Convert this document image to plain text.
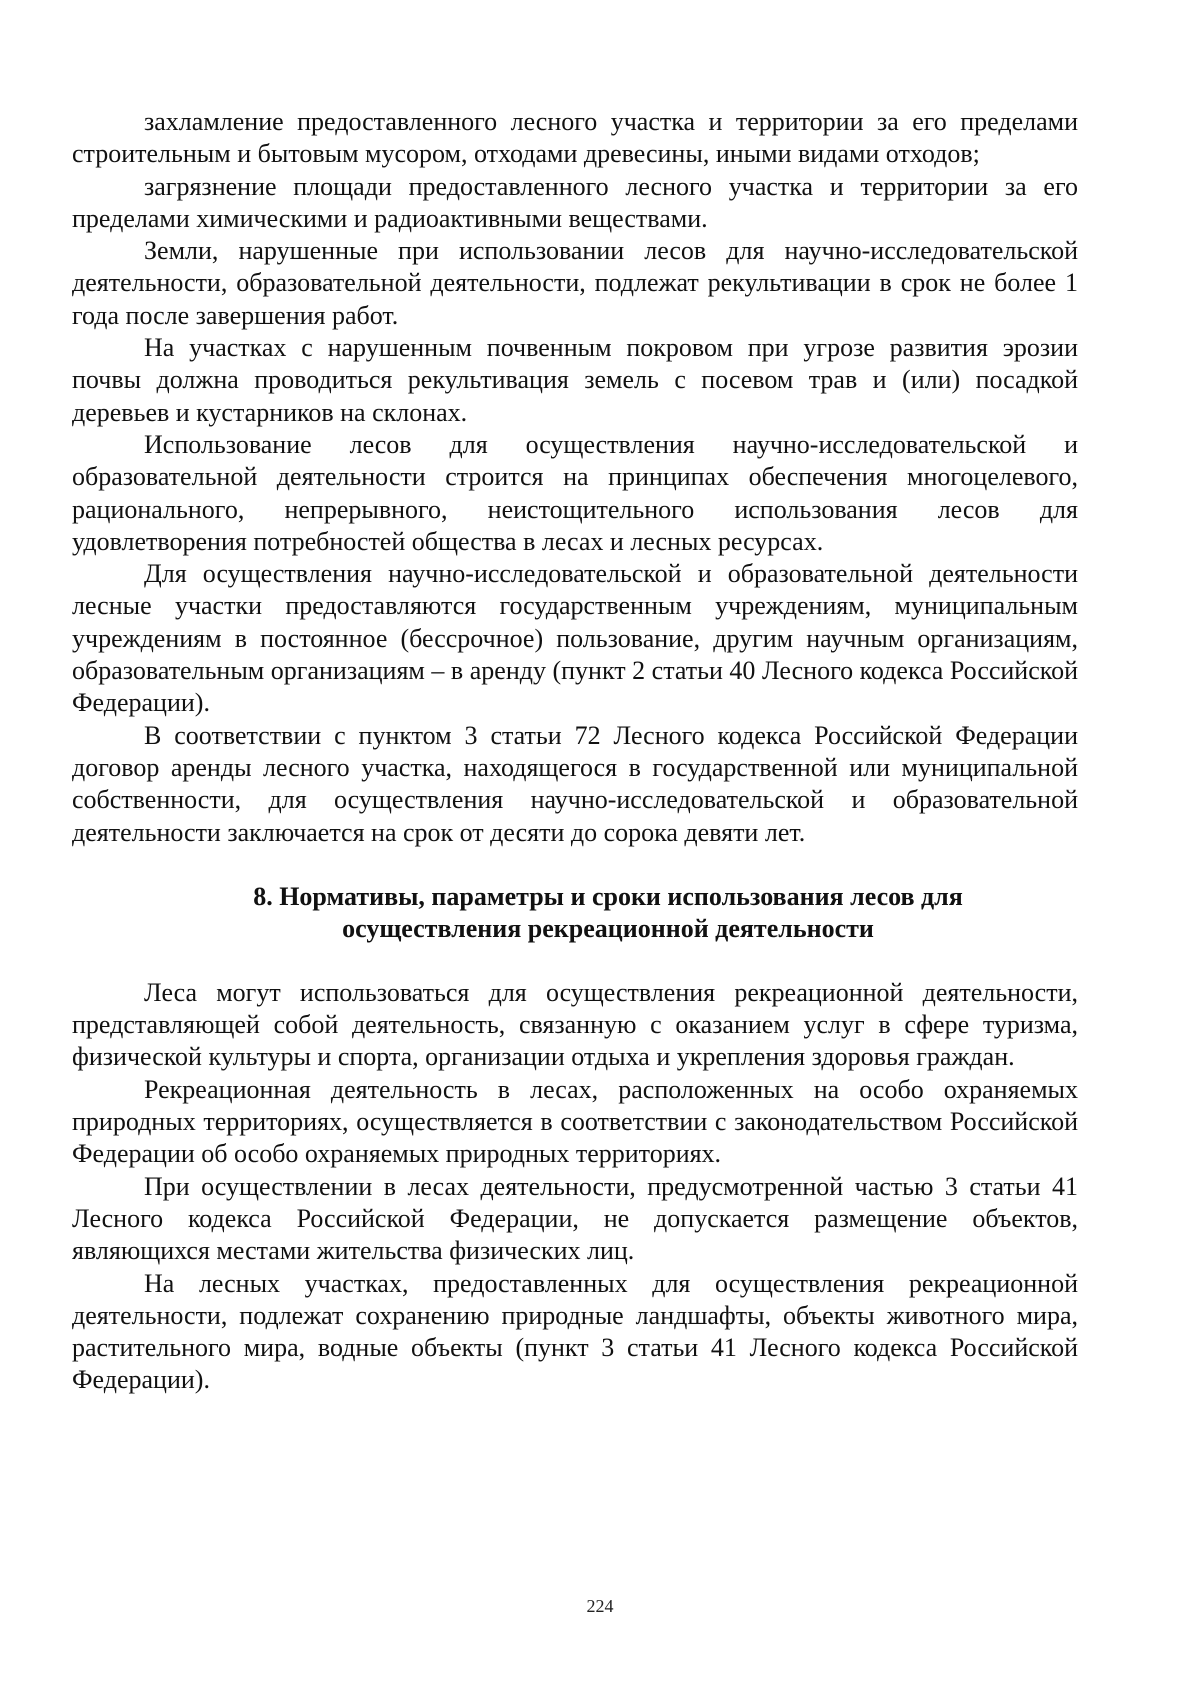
захламление предоставленного лесного участка и территории за его пределами строительным и бытовым мусором, отходами древесины, иными видами отходов;

загрязнение площади предоставленного лесного участка и территории за его пределами химическими и радиоактивными веществами.

Земли, нарушенные при использовании лесов для научно-исследовательской деятельности, образовательной деятельности, подлежат рекультивации в срок не более 1 года после завершения работ.

На участках с нарушенным почвенным покровом при угрозе развития эрозии почвы должна проводиться рекультивация земель с посевом трав и (или) посадкой деревьев и кустарников на склонах.

Использование лесов для осуществления научно-исследовательской и образовательной деятельности строится на принципах обеспечения многоцелевого, рационального, непрерывного, неистощительного использования лесов для удовлетворения потребностей общества в лесах и лесных ресурсах.

Для осуществления научно-исследовательской и образовательной деятельности лесные участки предоставляются государственным учреждениям, муниципальным учреждениям в постоянное (бессрочное) пользование, другим научным организациям, образовательным организациям – в аренду (пункт 2 статьи 40 Лесного кодекса Российской Федерации).

В соответствии с пунктом 3 статьи 72 Лесного кодекса Российской Федерации договор аренды лесного участка, находящегося в государственной или муниципальной собственности, для осуществления научно-исследовательской и образовательной деятельности заключается на срок от десяти до сорока девяти лет.

8. Нормативы, параметры и сроки использования лесов для
осуществления рекреационной деятельности

Леса могут использоваться для осуществления рекреационной деятельности, представляющей собой деятельность, связанную с оказанием услуг в сфере туризма, физической культуры и спорта, организации отдыха и укрепления здоровья граждан.

Рекреационная деятельность в лесах, расположенных на особо охраняемых природных территориях, осуществляется в соответствии с законодательством Российской Федерации об особо охраняемых природных территориях.

При осуществлении в лесах деятельности, предусмотренной частью 3 статьи 41 Лесного кодекса Российской Федерации, не допускается размещение объектов, являющихся местами жительства физических лиц.

На лесных участках, предоставленных для осуществления рекреационной деятельности, подлежат сохранению природные ландшафты, объекты животного мира, растительного мира, водные объекты (пункт 3 статьи 41 Лесного кодекса Российской Федерации).

224
